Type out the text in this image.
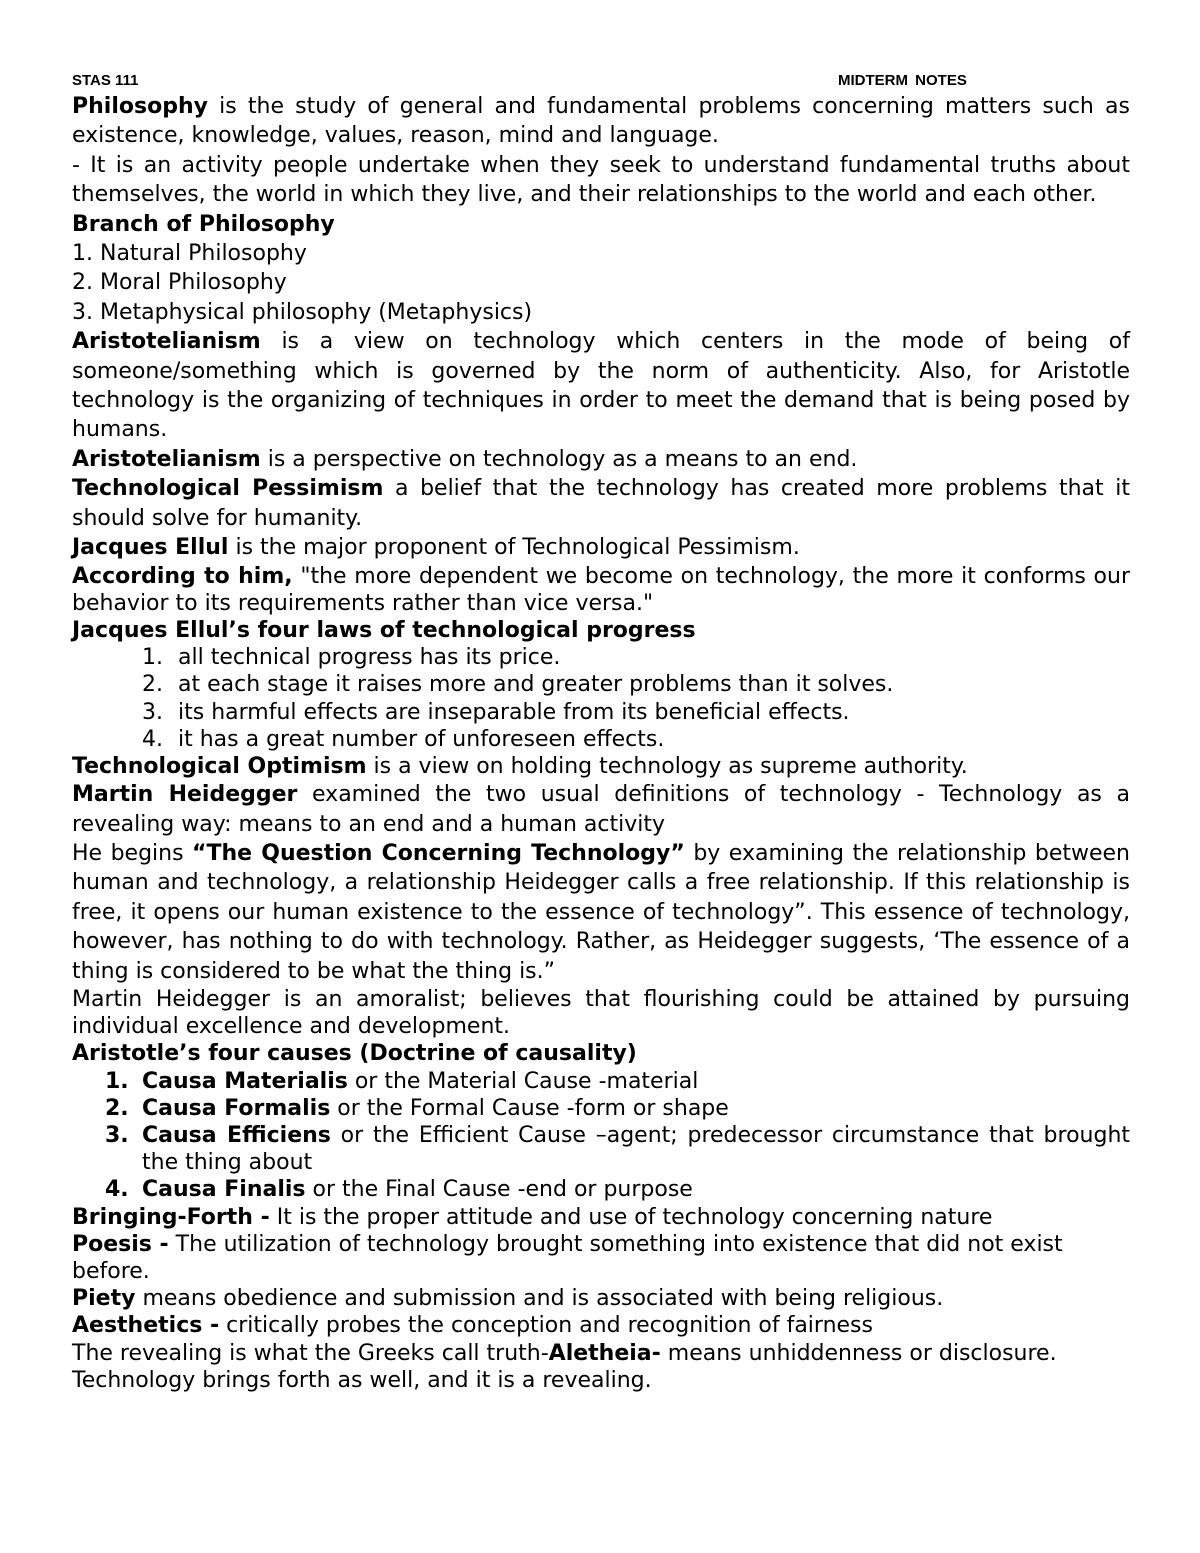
STAS 111	MIDTERM NOTES

Philosophy is the study of general and fundamental problems concerning matters such as existence, knowledge, values, reason, mind and language.

- It is an activity people undertake when they seek to understand fundamental truths about themselves, the world in which they live, and their relationships to the world and each other.

Branch of Philosophy

1. Natural Philosophy

2. Moral Philosophy

3. Metaphysical philosophy (Metaphysics)

Aristotelianism is a view on technology which centers in the mode of being of someone/something which is governed by the norm of authenticity. Also, for Aristotle technology is the organizing of techniques in order to meet the demand that is being posed by humans.

Aristotelianism is a perspective on technology as a means to an end.

Technological Pessimism a belief that the technology has created more problems that it should solve for humanity.

Jacques Ellul is the major proponent of Technological Pessimism.

According to him, "the more dependent we become on technology, the more it conforms our behavior to its requirements rather than vice versa."

Jacques Ellul’s four laws of technological progress

1. all technical progress has its price.
2. at each stage it raises more and greater problems than it solves.
3. its harmful effects are inseparable from its beneficial effects.
4. it has a great number of unforeseen effects.

Technological Optimism is a view on holding technology as supreme authority.

Martin Heidegger examined the two usual definitions of technology - Technology as a revealing way: means to an end and a human activity

He begins “The Question Concerning Technology” by examining the relationship between human and technology, a relationship Heidegger calls a free relationship. If this relationship is free, it opens our human existence to the essence of technology”. This essence of technology, however, has nothing to do with technology. Rather, as Heidegger suggests, ‘The essence of a thing is considered to be what the thing is.”

Martin Heidegger is an amoralist; believes that flourishing could be attained by pursuing individual excellence and development.

Aristotle’s four causes (Doctrine of causality)

1. Causa Materialis or the Material Cause -material
2. Causa Formalis or the Formal Cause -form or shape
3. Causa Efficiens or the Efficient Cause –agent; predecessor circumstance that brought the thing about
4. Causa Finalis or the Final Cause -end or purpose

Bringing-Forth - It is the proper attitude and use of technology concerning nature

Poesis - The utilization of technology brought something into existence that did not exist before.

Piety means obedience and submission and is associated with being religious.

Aesthetics - critically probes the conception and recognition of fairness

The revealing is what the Greeks call truth-Aletheia- means unhiddenness or disclosure.

Technology brings forth as well, and it is a revealing.
